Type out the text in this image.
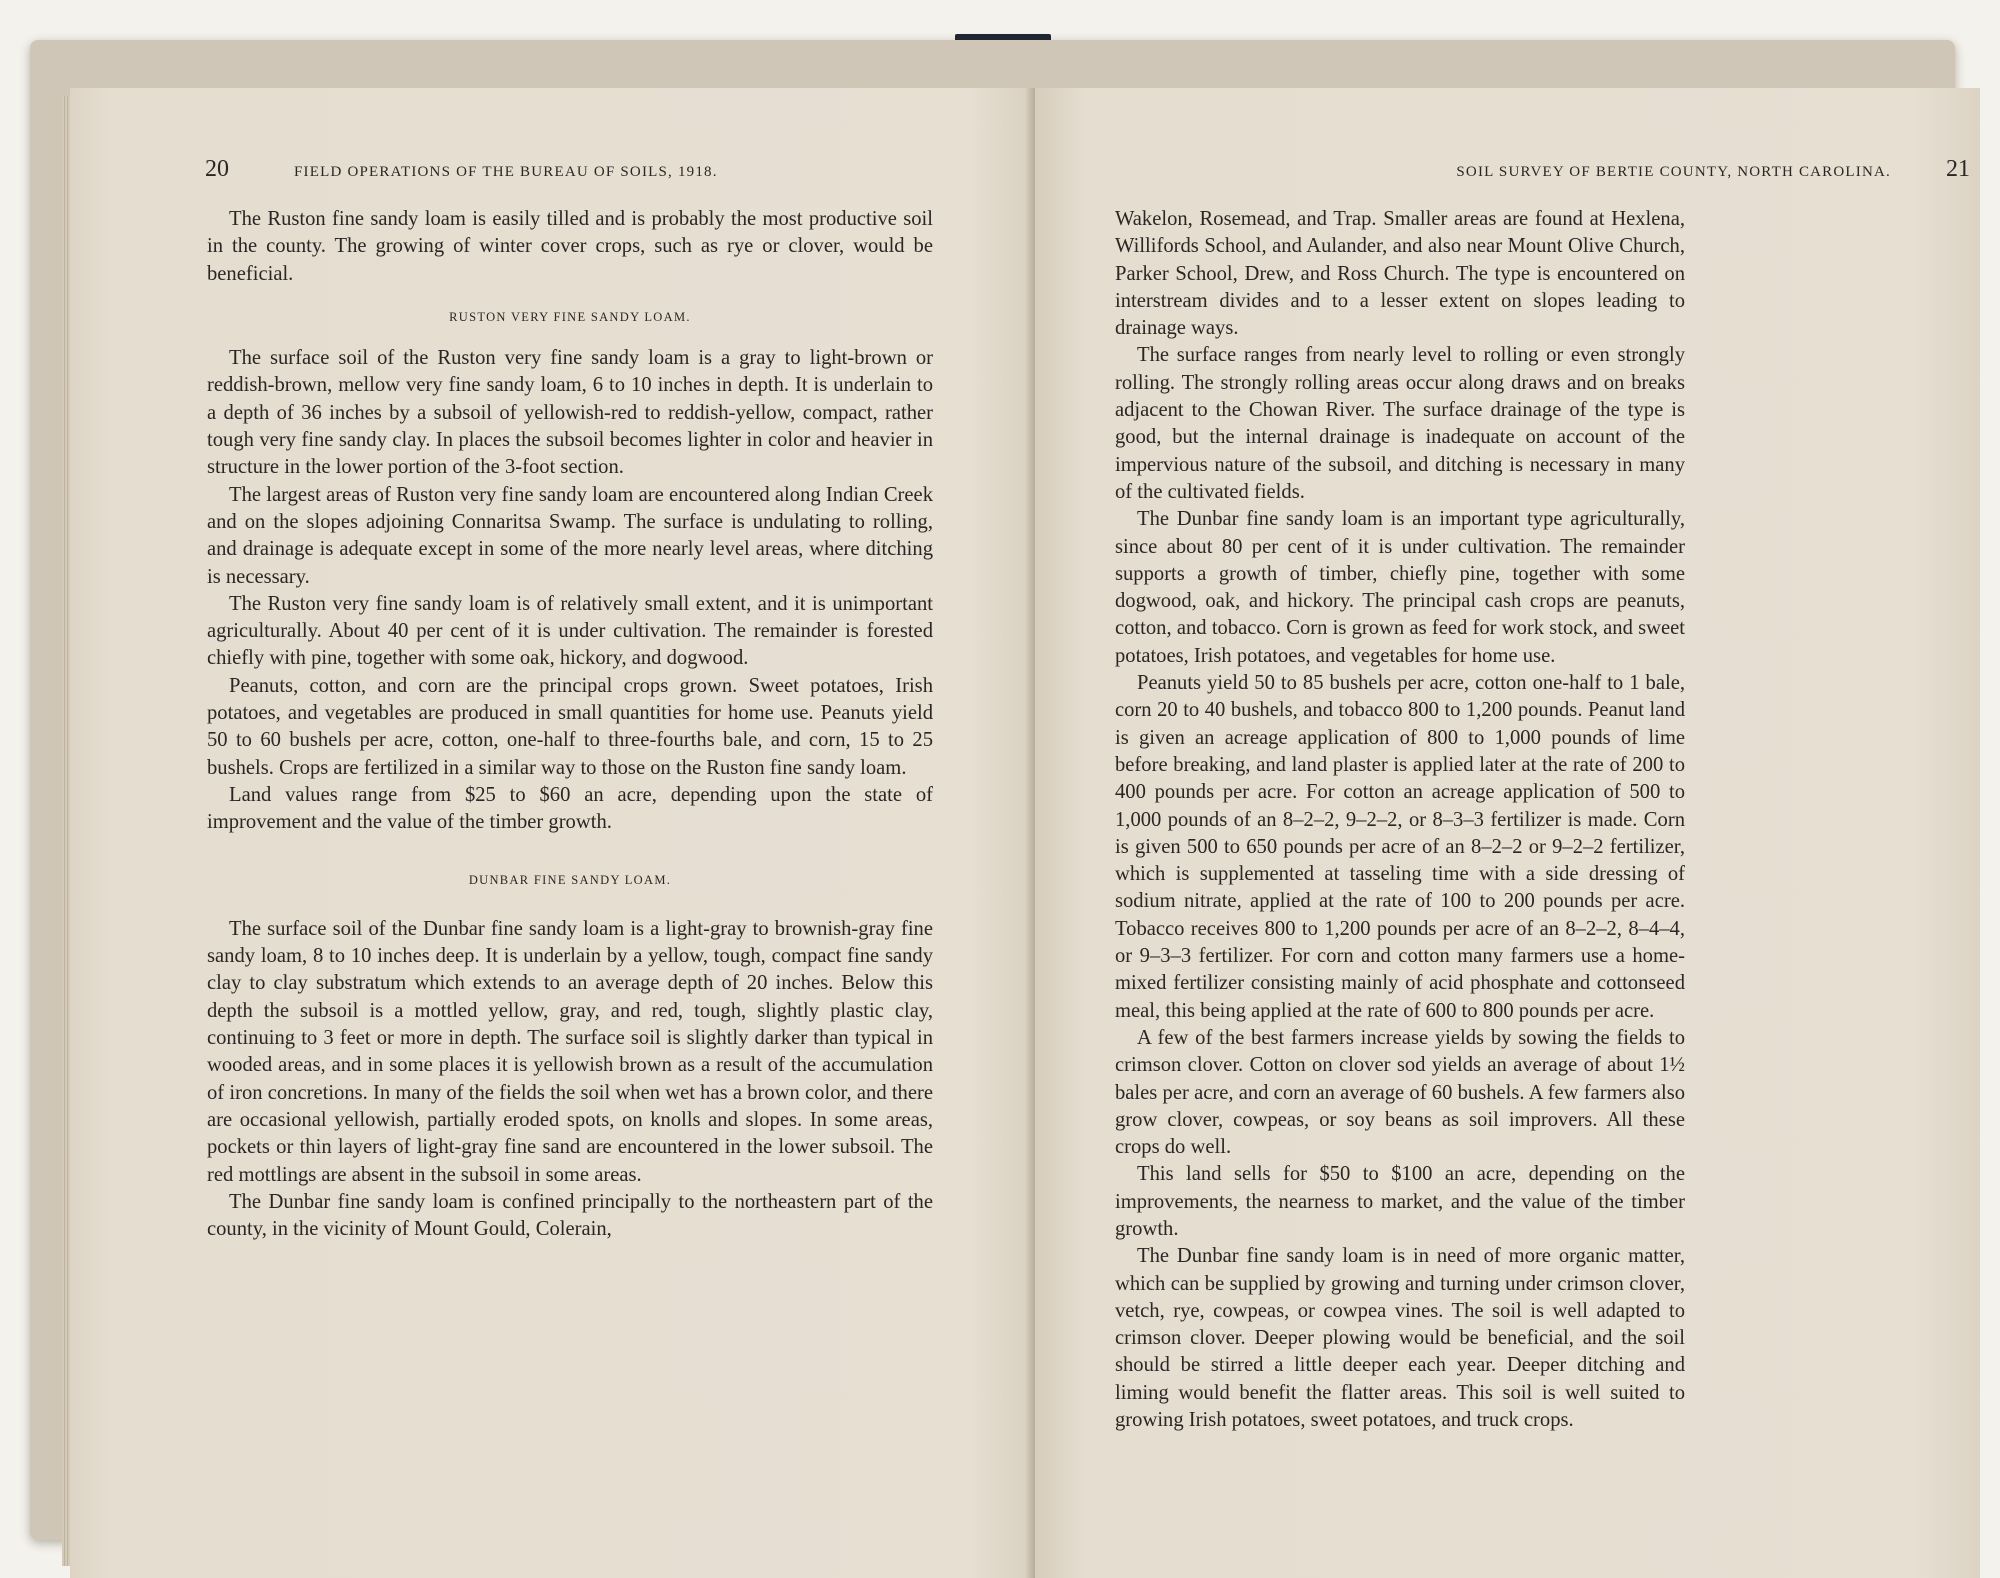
20	FIELD OPERATIONS OF THE BUREAU OF SOILS, 1918.

The Ruston fine sandy loam is easily tilled and is probably the most productive soil in the county. The growing of winter cover crops, such as rye or clover, would be beneficial.

RUSTON VERY FINE SANDY LOAM.

The surface soil of the Ruston very fine sandy loam is a gray to light-brown or reddish-brown, mellow very fine sandy loam, 6 to 10 inches in depth. It is underlain to a depth of 36 inches by a subsoil of yellowish-red to reddish-yellow, compact, rather tough very fine sandy clay. In places the subsoil becomes lighter in color and heavier in structure in the lower portion of the 3-foot section.

The largest areas of Ruston very fine sandy loam are encountered along Indian Creek and on the slopes adjoining Connaritsa Swamp. The surface is undulating to rolling, and drainage is adequate except in some of the more nearly level areas, where ditching is necessary.

The Ruston very fine sandy loam is of relatively small extent, and it is unimportant agriculturally. About 40 per cent of it is under cultivation. The remainder is forested chiefly with pine, together with some oak, hickory, and dogwood.

Peanuts, cotton, and corn are the principal crops grown. Sweet potatoes, Irish potatoes, and vegetables are produced in small quantities for home use. Peanuts yield 50 to 60 bushels per acre, cotton, one-half to three-fourths bale, and corn, 15 to 25 bushels. Crops are fertilized in a similar way to those on the Ruston fine sandy loam.

Land values range from $25 to $60 an acre, depending upon the state of improvement and the value of the timber growth.

DUNBAR FINE SANDY LOAM.

The surface soil of the Dunbar fine sandy loam is a light-gray to brownish-gray fine sandy loam, 8 to 10 inches deep. It is underlain by a yellow, tough, compact fine sandy clay to clay substratum which extends to an average depth of 20 inches. Below this depth the subsoil is a mottled yellow, gray, and red, tough, slightly plastic clay, continuing to 3 feet or more in depth. The surface soil is slightly darker than typical in wooded areas, and in some places it is yellowish brown as a result of the accumulation of iron concretions. In many of the fields the soil when wet has a brown color, and there are occasional yellowish, partially eroded spots, on knolls and slopes. In some areas, pockets or thin layers of light-gray fine sand are encountered in the lower subsoil. The red mottlings are absent in the subsoil in some areas.

The Dunbar fine sandy loam is confined principally to the northeastern part of the county, in the vicinity of Mount Gould, Colerain,

SOIL SURVEY OF BERTIE COUNTY, NORTH CAROLINA. 21

Wakelon, Rosemead, and Trap. Smaller areas are found at Hexlena, Willifords School, and Aulander, and also near Mount Olive Church, Parker School, Drew, and Ross Church. The type is encountered on interstream divides and to a lesser extent on slopes leading to drainage ways.

The surface ranges from nearly level to rolling or even strongly rolling. The strongly rolling areas occur along draws and on breaks adjacent to the Chowan River. The surface drainage of the type is good, but the internal drainage is inadequate on account of the impervious nature of the subsoil, and ditching is necessary in many of the cultivated fields.

The Dunbar fine sandy loam is an important type agriculturally, since about 80 per cent of it is under cultivation. The remainder supports a growth of timber, chiefly pine, together with some dogwood, oak, and hickory. The principal cash crops are peanuts, cotton, and tobacco. Corn is grown as feed for work stock, and sweet potatoes, Irish potatoes, and vegetables for home use.

Peanuts yield 50 to 85 bushels per acre, cotton one-half to 1 bale, corn 20 to 40 bushels, and tobacco 800 to 1,200 pounds. Peanut land is given an acreage application of 800 to 1,000 pounds of lime before breaking, and land plaster is applied later at the rate of 200 to 400 pounds per acre. For cotton an acreage application of 500 to 1,000 pounds of an 8–2–2, 9–2–2, or 8–3–3 fertilizer is made. Corn is given 500 to 650 pounds per acre of an 8–2–2 or 9–2–2 fertilizer, which is supplemented at tasseling time with a side dressing of sodium nitrate, applied at the rate of 100 to 200 pounds per acre. Tobacco receives 800 to 1,200 pounds per acre of an 8–2–2, 8–4–4, or 9–3–3 fertilizer. For corn and cotton many farmers use a home-mixed fertilizer consisting mainly of acid phosphate and cottonseed meal, this being applied at the rate of 600 to 800 pounds per acre.

A few of the best farmers increase yields by sowing the fields to crimson clover. Cotton on clover sod yields an average of about 1½ bales per acre, and corn an average of 60 bushels. A few farmers also grow clover, cowpeas, or soy beans as soil improvers. All these crops do well.

This land sells for $50 to $100 an acre, depending on the improvements, the nearness to market, and the value of the timber growth.

The Dunbar fine sandy loam is in need of more organic matter, which can be supplied by growing and turning under crimson clover, vetch, rye, cowpeas, or cowpea vines. The soil is well adapted to crimson clover. Deeper plowing would be beneficial, and the soil should be stirred a little deeper each year. Deeper ditching and liming would benefit the flatter areas. This soil is well suited to growing Irish potatoes, sweet potatoes, and truck crops.
